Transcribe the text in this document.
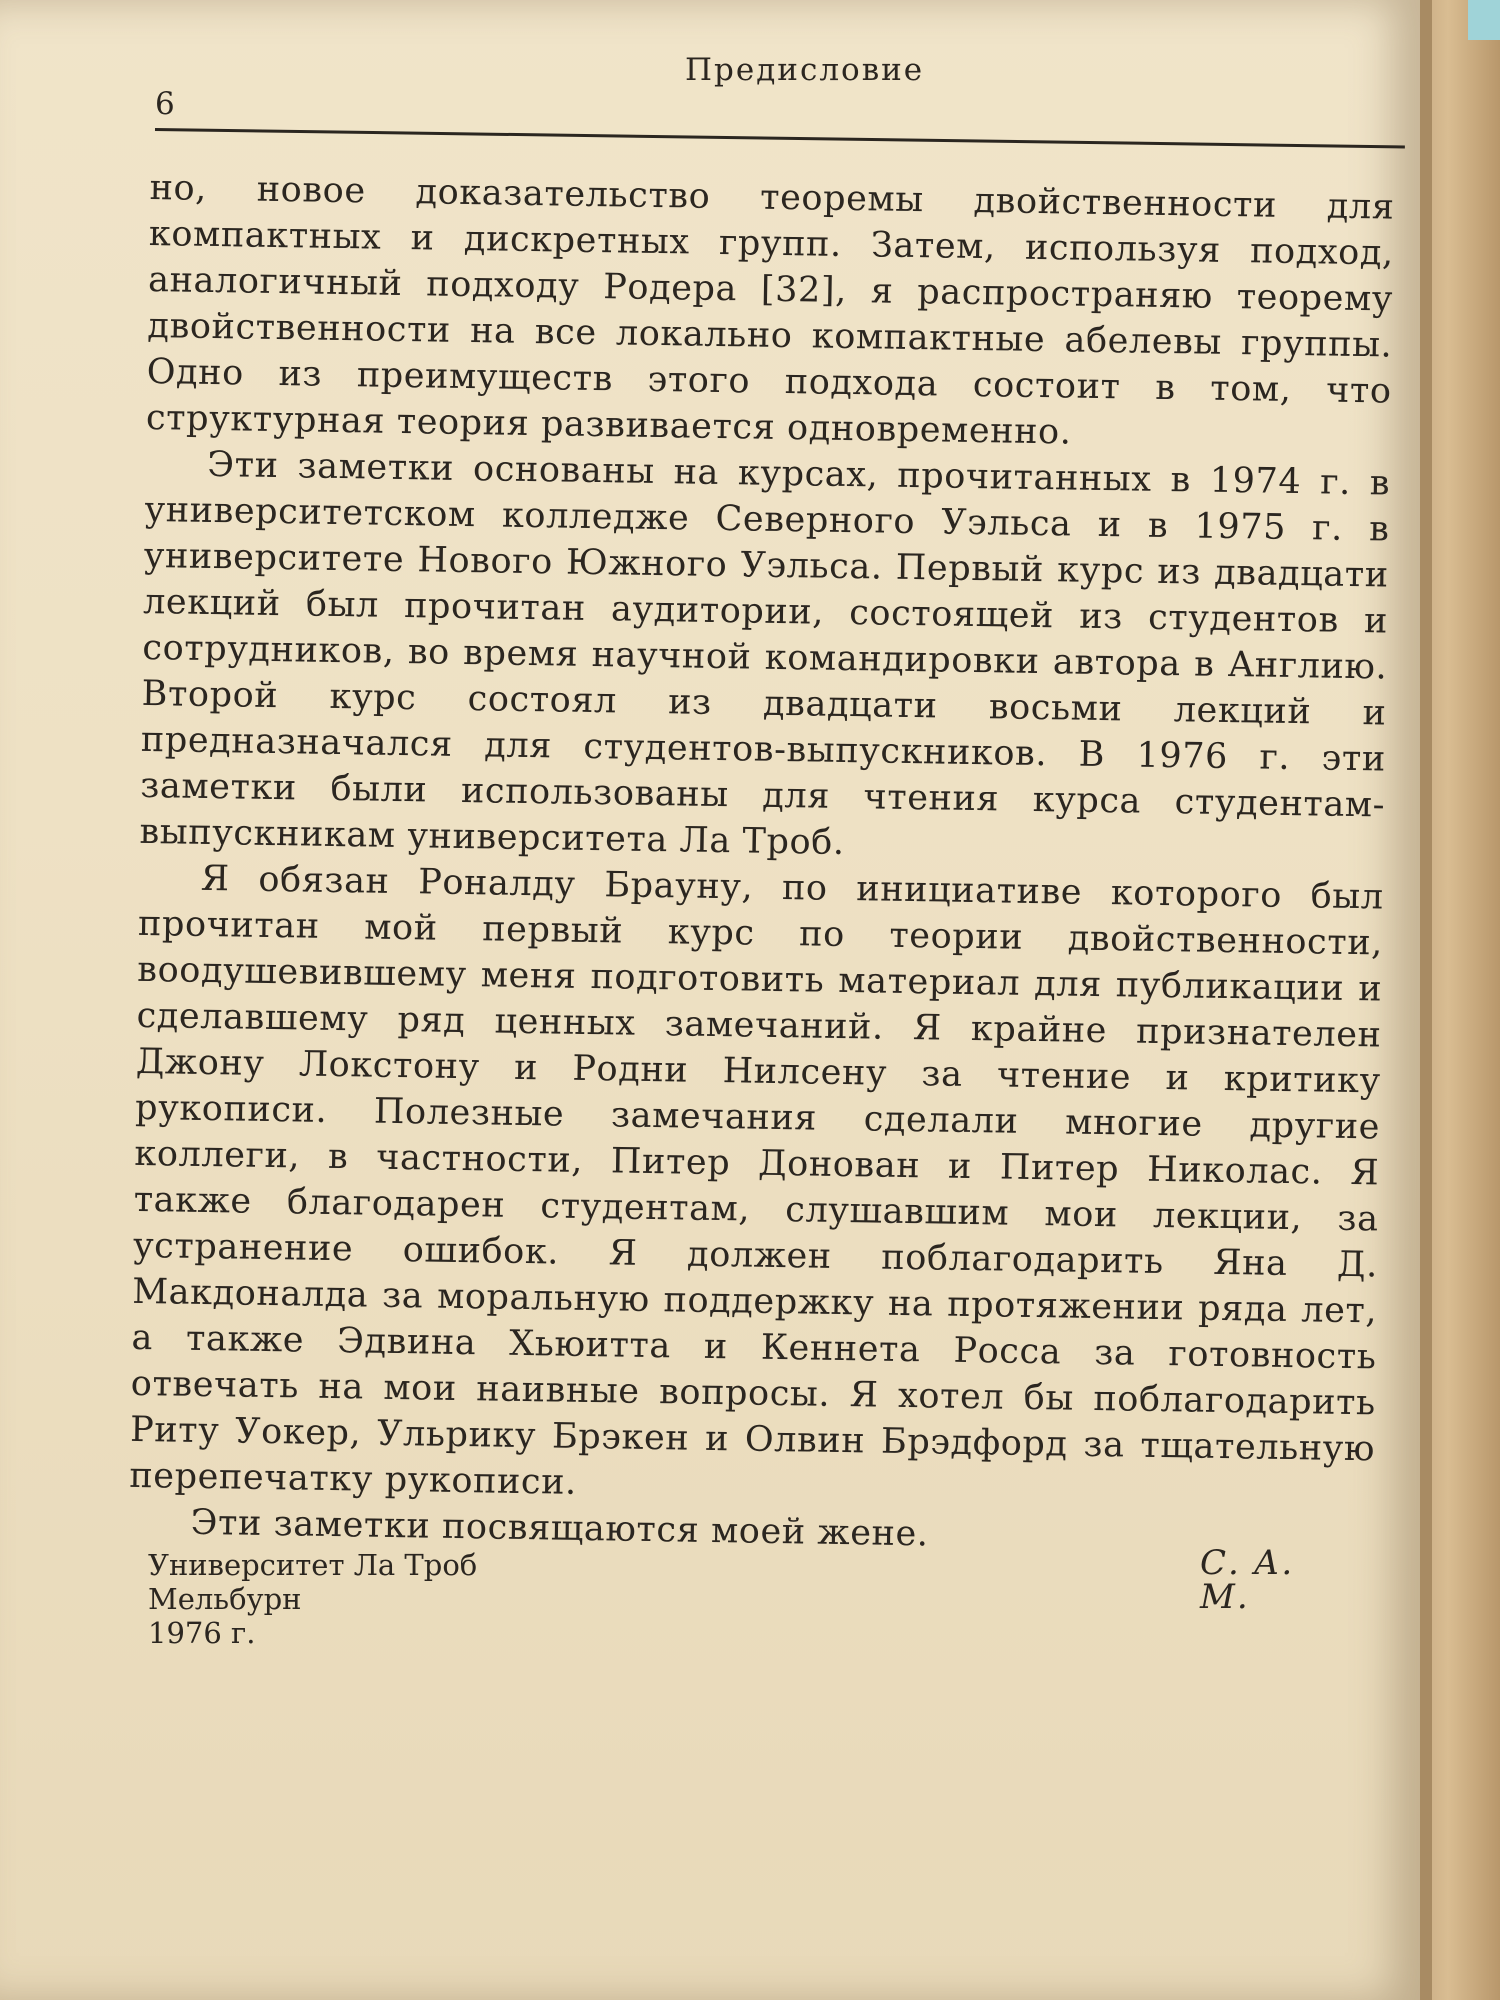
6
Предисловие

но, новое доказательство теоремы двойственности для компактных и дискретных групп. Затем, используя подход, аналогичный подходу Родера [32], я распространяю теорему двойственности на все локально компактные абелевы группы. Одно из преимуществ этого подхода состоит в том, что структурная теория развивается одновременно.

Эти заметки основаны на курсах, прочитанных в 1974 г. в университетском колледже Северного Уэльса и в 1975 г. в университете Нового Южного Уэльса. Первый курс из двадцати лекций был прочитан аудитории, состоящей из студентов и сотрудников, во время научной командировки автора в Англию. Второй курс состоял из двадцати восьми лекций и предназначался для студентов-выпускников. В 1976 г. эти заметки были использованы для чтения курса студентам-выпускникам университета Ла Троб.

Я обязан Роналду Брауну, по инициативе которого был прочитан мой первый курс по теории двойственности, воодушевившему меня подготовить материал для публикации и сделавшему ряд ценных замечаний. Я крайне признателен Джону Локстону и Родни Нилсену за чтение и критику рукописи. Полезные замечания сделали многие другие коллеги, в частности, Питер Донован и Питер Николас. Я также благодарен студентам, слушавшим мои лекции, за устранение ошибок. Я должен поблагодарить Яна Д. Макдоналда за моральную поддержку на протяжении ряда лет, а также Эдвина Хьюитта и Кеннета Росса за готовность отвечать на мои наивные вопросы. Я хотел бы поблагодарить Риту Уокер, Ульрику Брэкен и Олвин Брэдфорд за тщательную перепечатку рукописи.

Эти заметки посвящаются моей жене.

Университет Ла Троб
Мельбурн
1976 г.
С. А. М.
